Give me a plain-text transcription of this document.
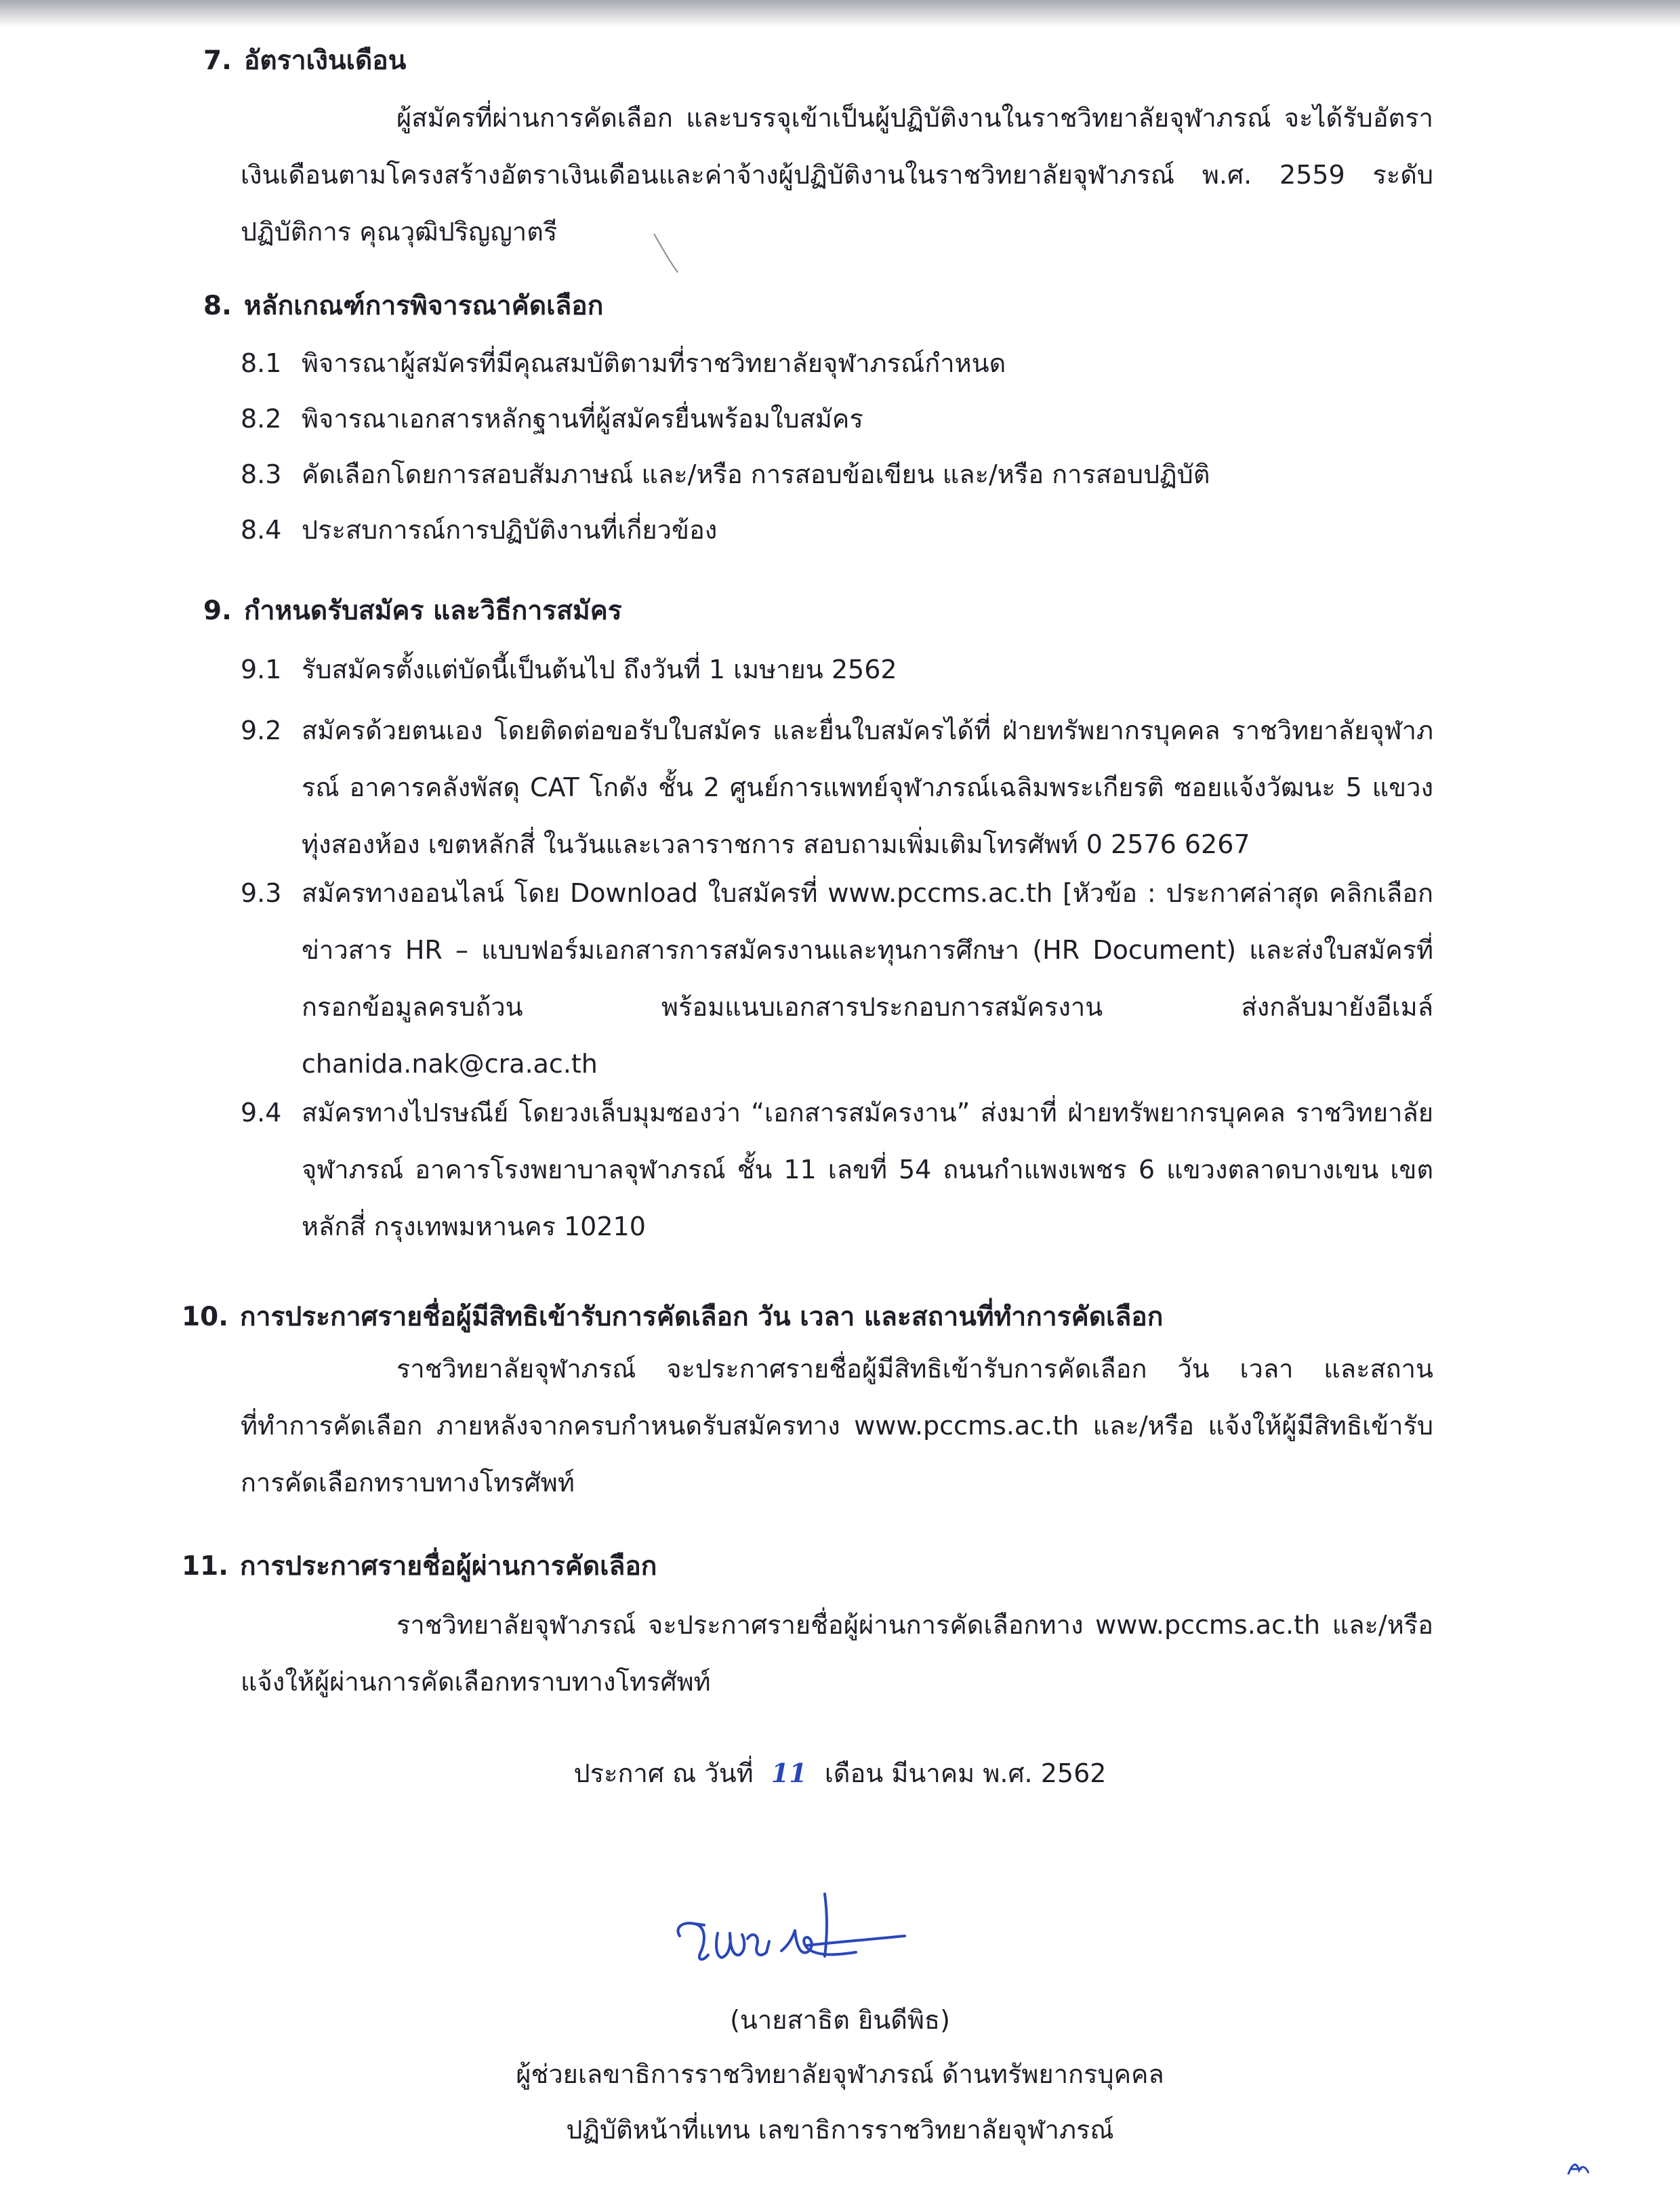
7. อัตราเงินเดือน
ผู้สมัครที่ผ่านการคัดเลือก และบรรจุเข้าเป็นผู้ปฏิบัติงานในราชวิทยาลัยจุฬาภรณ์ จะได้รับอัตราเงินเดือนตามโครงสร้างอัตราเงินเดือนและค่าจ้างผู้ปฏิบัติงานในราชวิทยาลัยจุฬาภรณ์ พ.ศ. 2559 ระดับปฏิบัติการ คุณวุฒิปริญญาตรี
8. หลักเกณฑ์การพิจารณาคัดเลือก
8.1 พิจารณาผู้สมัครที่มีคุณสมบัติตามที่ราชวิทยาลัยจุฬาภรณ์กำหนด
8.2 พิจารณาเอกสารหลักฐานที่ผู้สมัครยื่นพร้อมใบสมัคร
8.3 คัดเลือกโดยการสอบสัมภาษณ์ และ/หรือ การสอบข้อเขียน และ/หรือ การสอบปฏิบัติ
8.4 ประสบการณ์การปฏิบัติงานที่เกี่ยวข้อง
9. กำหนดรับสมัคร และวิธีการสมัคร
9.1 รับสมัครตั้งแต่บัดนี้เป็นต้นไป ถึงวันที่ 1 เมษายน 2562
9.2 สมัครด้วยตนเอง โดยติดต่อขอรับใบสมัคร และยื่นใบสมัครได้ที่ ฝ่ายทรัพยากรบุคคล ราชวิทยาลัยจุฬาภรณ์ อาคารคลังพัสดุ CAT โกดัง ชั้น 2 ศูนย์การแพทย์จุฬาภรณ์เฉลิมพระเกียรติ ซอยแจ้งวัฒนะ 5 แขวงทุ่งสองห้อง เขตหลักสี่ ในวันและเวลาราชการ สอบถามเพิ่มเติมโทรศัพท์ 0 2576 6267
9.3 สมัครทางออนไลน์ โดย Download ใบสมัครที่ www.pccms.ac.th [หัวข้อ : ประกาศล่าสุด คลิกเลือก ข่าวสาร HR – แบบฟอร์มเอกสารการสมัครงานและทุนการศึกษา (HR Document) และส่งใบสมัครที่ กรอกข้อมูลครบถ้วน พร้อมแนบเอกสารประกอบการสมัครงาน ส่งกลับมายังอีเมล์ chanida.nak@cra.ac.th
9.4 สมัครทางไปรษณีย์ โดยวงเล็บมุมซองว่า “เอกสารสมัครงาน” ส่งมาที่ ฝ่ายทรัพยากรบุคคล ราชวิทยาลัยจุฬาภรณ์ อาคารโรงพยาบาลจุฬาภรณ์ ชั้น 11 เลขที่ 54 ถนนกำแพงเพชร 6 แขวงตลาดบางเขน เขตหลักสี่ กรุงเทพมหานคร 10210
10. การประกาศรายชื่อผู้มีสิทธิเข้ารับการคัดเลือก วัน เวลา และสถานที่ทำการคัดเลือก
ราชวิทยาลัยจุฬาภรณ์ จะประกาศรายชื่อผู้มีสิทธิเข้ารับการคัดเลือก วัน เวลา และสถานที่ทำการคัดเลือก ภายหลังจากครบกำหนดรับสมัครทาง www.pccms.ac.th และ/หรือ แจ้งให้ผู้มีสิทธิเข้ารับการคัดเลือกทราบทางโทรศัพท์
11. การประกาศรายชื่อผู้ผ่านการคัดเลือก
ราชวิทยาลัยจุฬาภรณ์ จะประกาศรายชื่อผู้ผ่านการคัดเลือกทาง www.pccms.ac.th และ/หรือ แจ้งให้ผู้ผ่านการคัดเลือกทราบทางโทรศัพท์
ประกาศ ณ วันที่ 11 เดือน มีนาคม พ.ศ. 2562
(นายสาธิต ยินดีพิธ)
ผู้ช่วยเลขาธิการราชวิทยาลัยจุฬาภรณ์ ด้านทรัพยากรบุคคล
ปฏิบัติหน้าที่แทน เลขาธิการราชวิทยาลัยจุฬาภรณ์
